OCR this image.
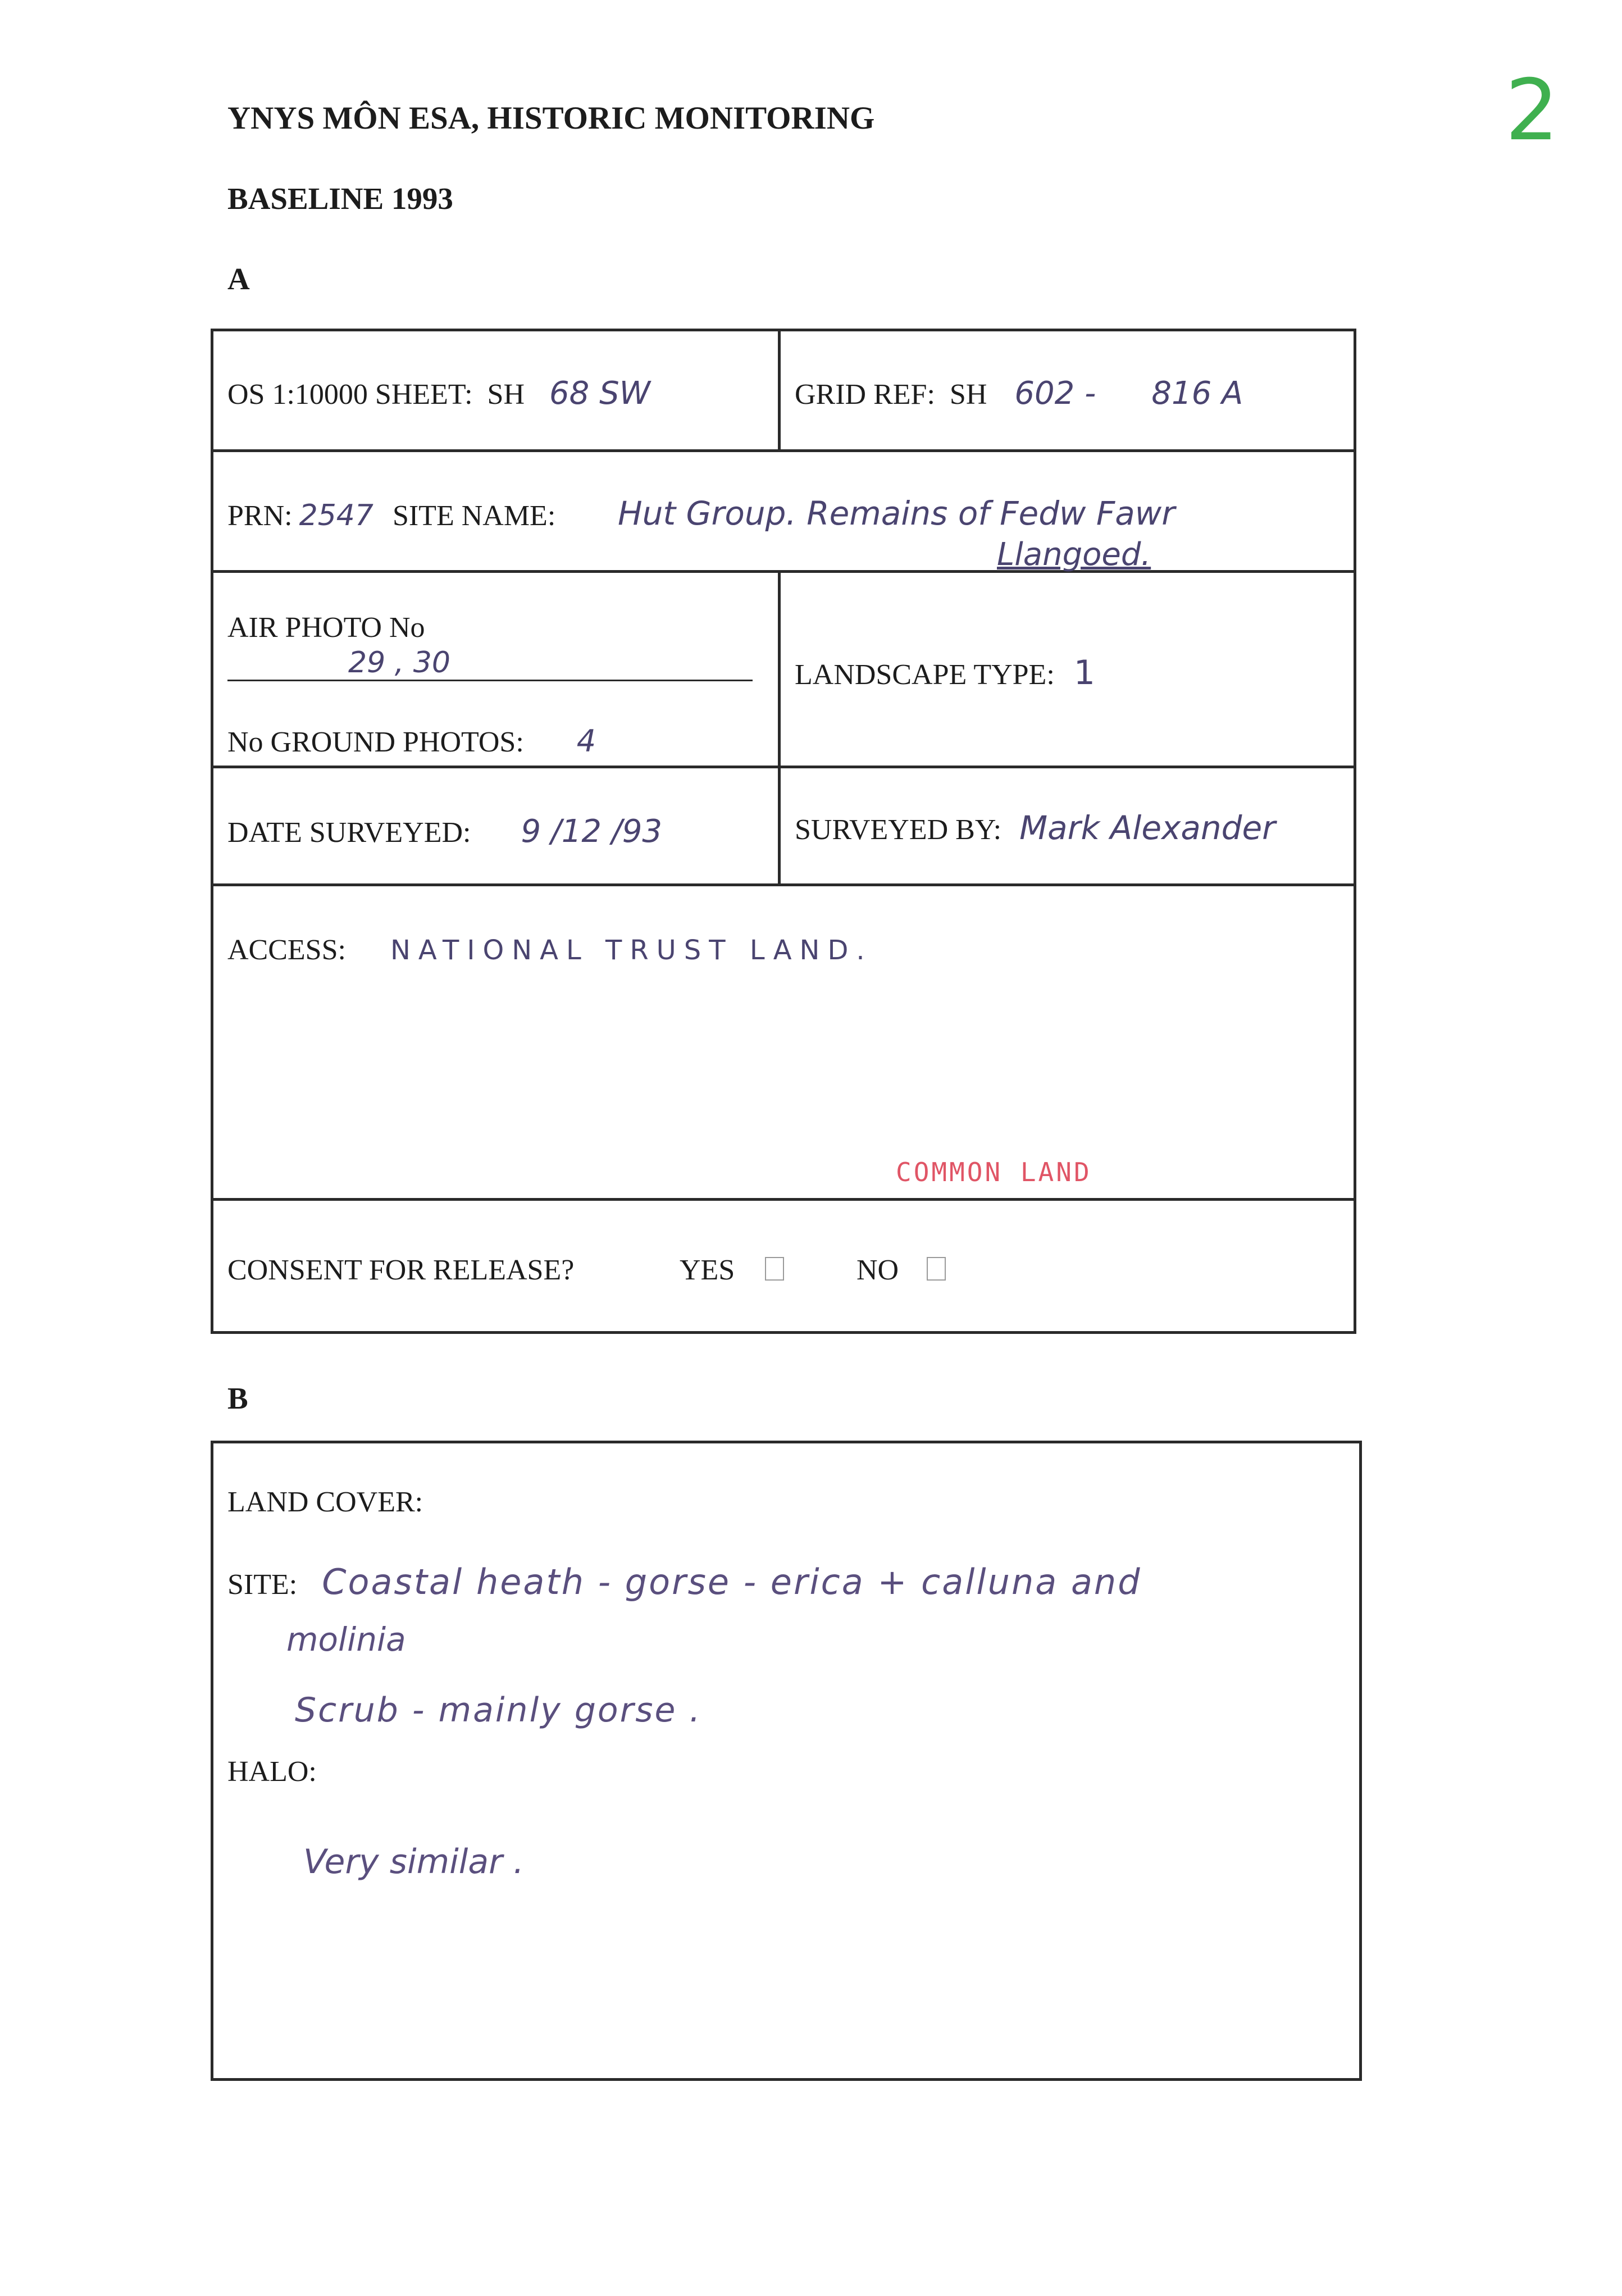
2
YNYS MÔN ESA, HISTORIC MONITORING
BASELINE 1993
A
OS 1:10000 SHEET: SH 68 SW	GRID REF: SH 602 - 816 A
PRN: 2547 SITE NAME: Hut Group. Remains of Fedw Fawr
Llangoed.
AIR PHOTO No
29 , 30	LANDSCAPE TYPE: 1
No GROUND PHOTOS: 4
DATE SURVEYED: 9 /12 /93	SURVEYED BY: Mark Alexander
ACCESS: NATIONAL TRUST LAND.
COMMON LAND
CONSENT FOR RELEASE?	YES	NO
B
LAND COVER:
SITE: Coastal heath - gorse - erica + calluna and
molinia
Scrub - mainly gorse .
HALO:
Very similar .
